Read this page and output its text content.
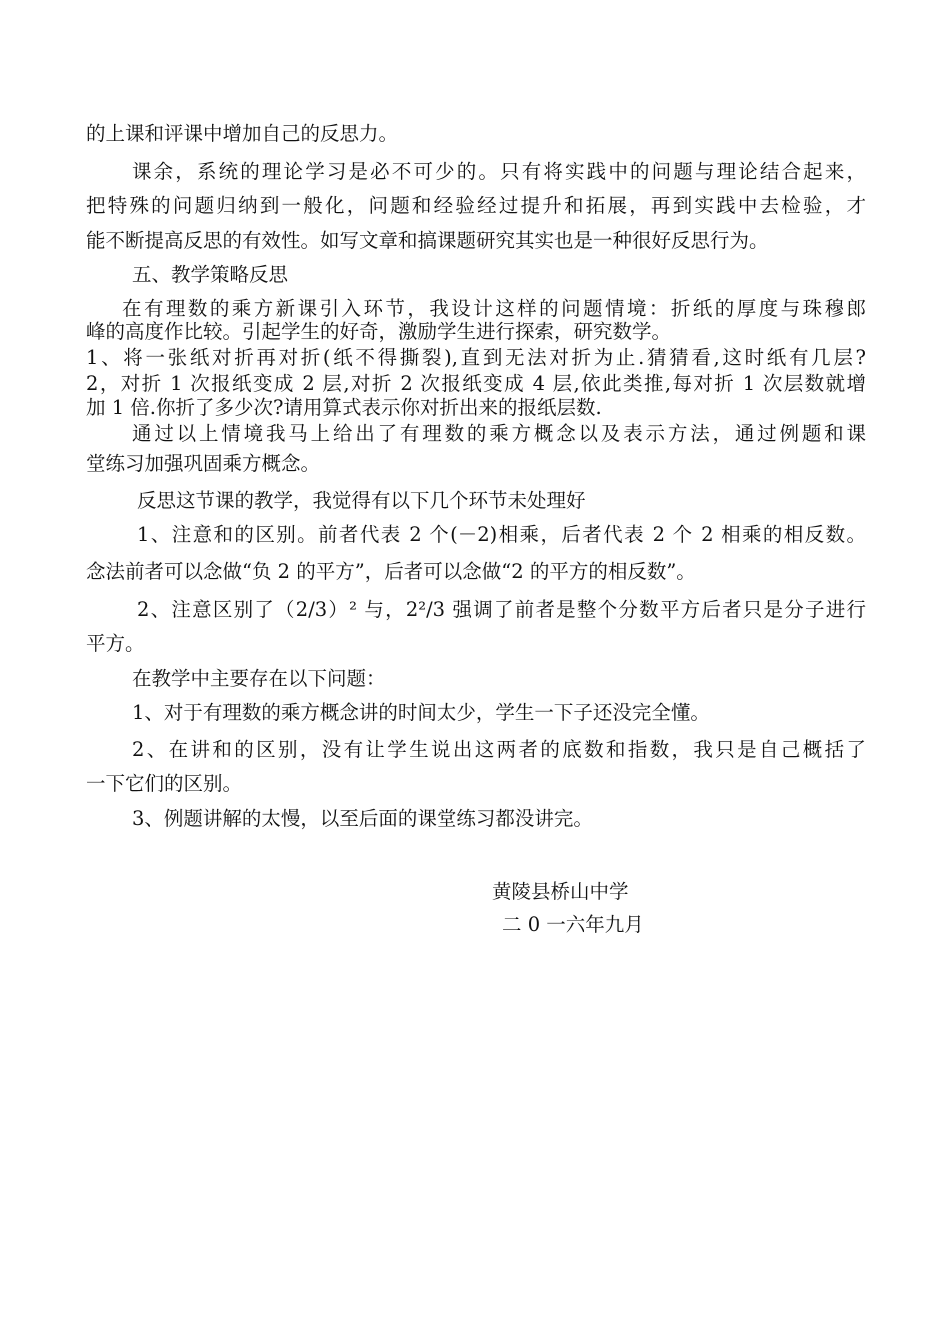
的上课和评课中增加自己的反思力。

课余，系统的理论学习是必不可少的。只有将实践中的问题与理论结合起来，

把特殊的问题归纳到一般化，问题和经验经过提升和拓展，再到实践中去检验，才

能不断提高反思的有效性。如写文章和搞课题研究其实也是一种很好反思行为。

五、教学策略反思

在有理数的乘方新课引入环节，我设计这样的问题情境：折纸的厚度与珠穆郎

峰的高度作比较。引起学生的好奇，激励学生进行探索，研究数学。

1、将一张纸对折再对折(纸不得撕裂),直到无法对折为止.猜猜看,这时纸有几层?

2，对折 1 次报纸变成 2 层,对折 2 次报纸变成 4 层,依此类推,每对折 1 次层数就增

加 1 倍.你折了多少次?请用算式表示你对折出来的报纸层数.

通过以上情境我马上给出了有理数的乘方概念以及表示方法，通过例题和课

堂练习加强巩固乘方概念。

反思这节课的教学，我觉得有以下几个环节未处理好

1、注意和的区别。前者代表 2 个(－2)相乘，后者代表 2 个 2 相乘的相反数。

念法前者可以念做“负 2 的平方”，后者可以念做“2 的平方的相反数”。

2、注意区别了（2/3）² 与，2²/3 强调了前者是整个分数平方后者只是分子进行

平方。

在教学中主要存在以下问题：

1、对于有理数的乘方概念讲的时间太少，学生一下子还没完全懂。

2、在讲和的区别，没有让学生说出这两者的底数和指数，我只是自己概括了

一下它们的区别。

3、例题讲解的太慢，以至后面的课堂练习都没讲完。

黄陵县桥山中学

二 0 一六年九月
